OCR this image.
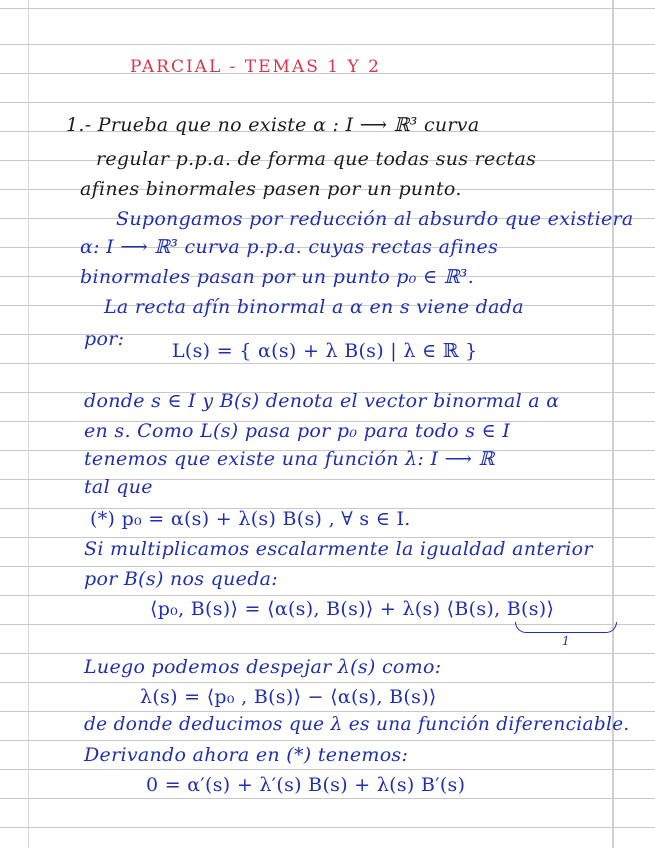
PARCIAL - TEMAS 1 Y 2
1.- Prueba que no existe α : I ⟶ ℝ³ curva
regular p.p.a. de forma que todas sus rectas
afines binormales pasen por un punto.
Supongamos por reducción al absurdo que existiera
α: I ⟶ ℝ³ curva p.p.a. cuyas rectas afines
binormales pasan por un punto p₀ ∈ ℝ³.
La recta afín binormal a α en s viene dada
por:
L(s) = { α(s) + λ B(s) | λ ∈ ℝ }
donde s ∈ I y B(s) denota el vector binormal a α
en s. Como L(s) pasa por p₀ para todo s ∈ I
tenemos que existe una función λ: I ⟶ ℝ
tal que
(*) p₀ = α(s) + λ(s) B(s) , ∀ s ∈ I.
Si multiplicamos escalarmente la igualdad anterior
por B(s) nos queda:
⟨p₀, B(s)⟩ = ⟨α(s), B(s)⟩ + λ(s) ⟨B(s), B(s)⟩
1
Luego podemos despejar λ(s) como:
λ(s) = ⟨p₀ , B(s)⟩ − ⟨α(s), B(s)⟩
de donde deducimos que λ es una función diferenciable.
Derivando ahora en (*) tenemos:
0 = α′(s) + λ′(s) B(s) + λ(s) B′(s)
